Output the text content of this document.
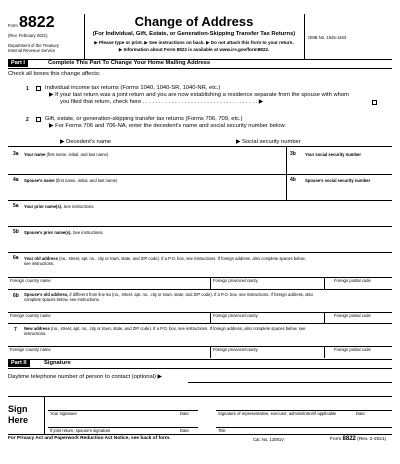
Form 8822
(Rev. February 2021)
Department of the Treasury
Internal Revenue Service
Change of Address
(For Individual, Gift, Estate, or Generation-Skipping Transfer Tax Returns)
▶ Please type or print. ▶ See instructions on back. ▶ Do not attach this form to your return.
▶ Information about Form 8822 is available at www.irs.gov/form8822.
OMB No. 1545-1163
Part I	Complete This Part To Change Your Home Mailing Address
Check all boxes this change affects:
1	Individual income tax returns (Forms 1040, 1040-SR, 1040-NR, etc.)
▶ If your last return was a joint return and you are now establishing a residence separate from the spouse with whom
you filed that return, check here . . . . . . . . . . . . . . . . . . . . . . . . . . . . . . . . . . . . ▶
2	Gift, estate, or generation-skipping transfer tax returns (Forms 706, 709, etc.)
▶ For Forms 706 and 706-NA, enter the decedent's name and social security number below.
▶ Decedent's name	▶ Social security number
3a Your name (first name, initial, and last name)	3b Your social security number
4a Spouse's name (first name, initial, and last name)	4b Spouse's social security number
5a Your prior name(s). See instructions.
5b Spouse's prior name(s). See instructions.
6a Your old address (no., street, apt. no., city or town, state, and ZIP code). If a P.O. box, see instructions. If foreign address, also complete spaces below,
see instructions.
Foreign country name	Foreign province/county	Foreign postal code
6b Spouse's old address, if different from line 6a (no., street, apt. no., city or town, state, and ZIP code). If a P.O. box, see instructions. If foreign address, also
complete spaces below, see instructions.
Foreign country name	Foreign province/county	Foreign postal code
7 New address (no., street, apt. no., city or town, state, and ZIP code). If a P.O. box, see instructions. If foreign address, also complete spaces below, see
instructions.
Foreign country name	Foreign province/county	Foreign postal code
Part II	Signature
Daytime telephone number of person to contact (optional) ▶
Sign
Here
Your signature	Date
If joint return, spouse's signature	Date
Signature of representative, executor, administrator/if applicable	Date
Title
For Privacy Act and Paperwork Reduction Act Notice, see back of form.	Cat. No. 12081V	Form 8822 (Rev. 2-2021)
